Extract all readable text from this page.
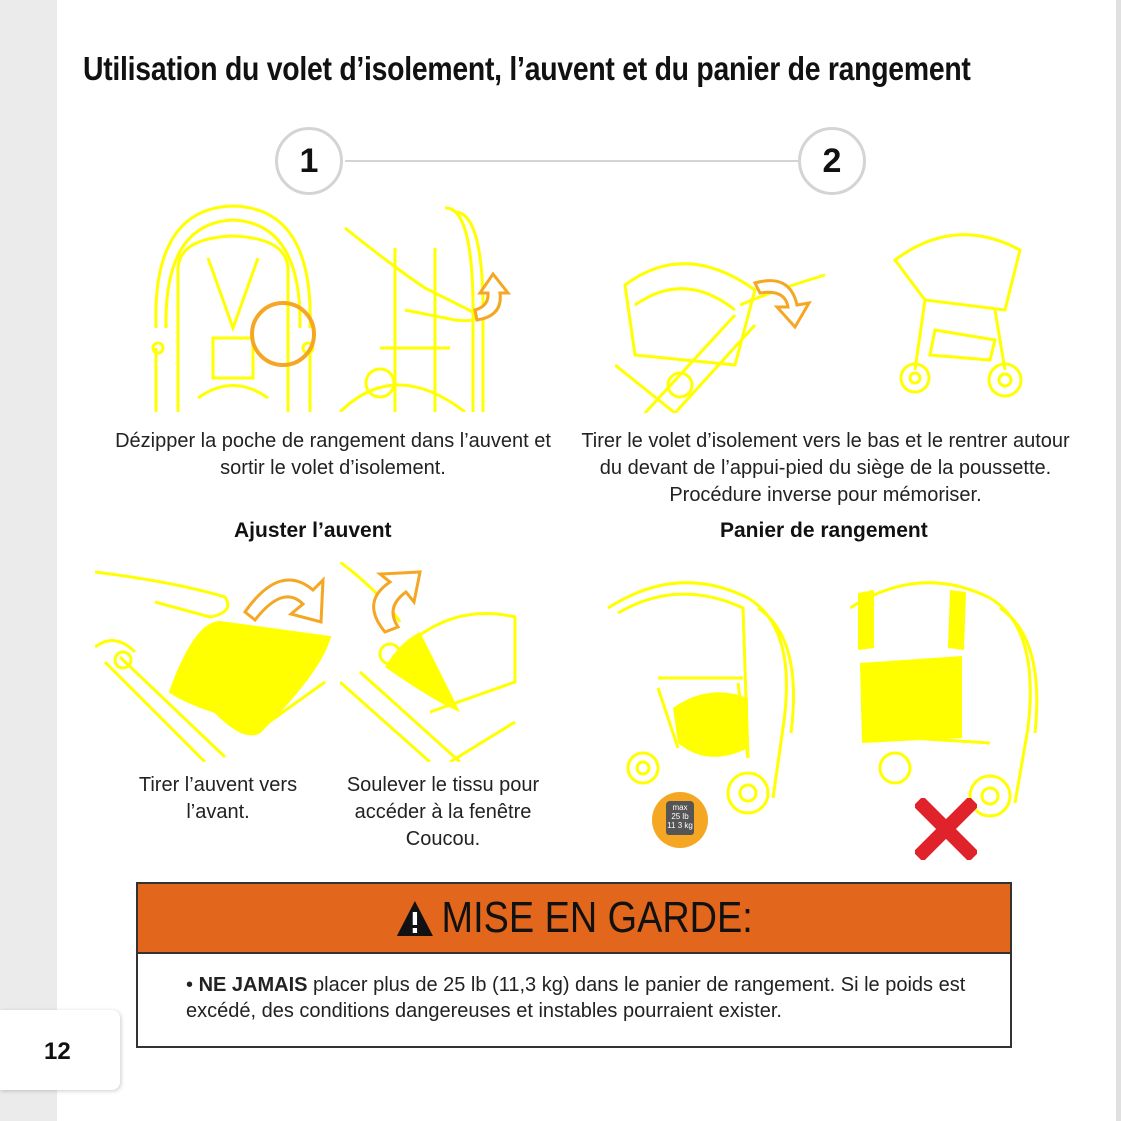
Utilisation du volet d’isolement, l’auvent et du panier de rangement
1	2
Dézipper la poche de rangement dans l’auvent et
sortir le volet d’isolement.
Tirer le volet d’isolement vers le bas et le rentrer autour
du devant de l’appui-pied du siège de la poussette.
Procédure inverse pour mémoriser.
Ajuster l’auvent	Panier de rangement
max
25 lb
11 3 kg
Tirer l’auvent vers
l’avant.
Soulever le tissu pour
accéder à la fenêtre
Coucou.
MISE EN GARDE:
• NE JAMAIS placer plus de 25 lb (11,3 kg) dans le panier de rangement. Si le poids est excédé, des conditions dangereuses et instables pourraient exister.
12
